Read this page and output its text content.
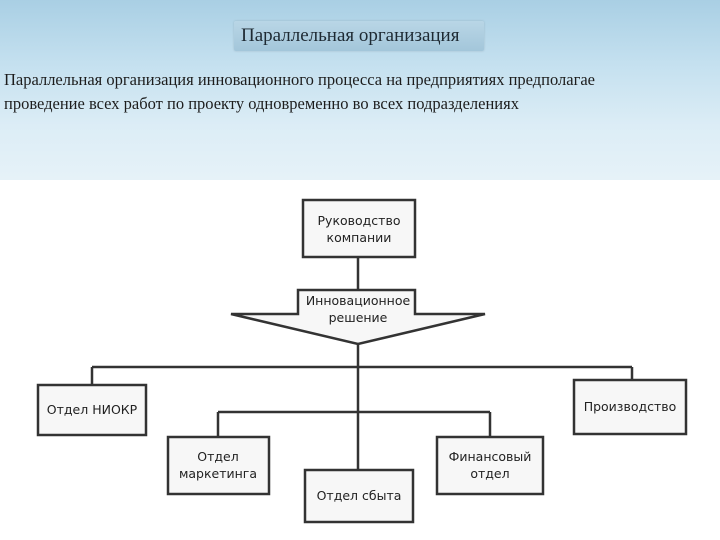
Параллельная организация
Параллельная организация инновационного процесса на предприятиях предполагае
проведение всех работ по проекту одновременно во всех подразделениях
Руководство
компании
Инновационное
решение
Отдел НИОКР	Производство
Отдел
маркетинга
Финансовый
отдел
Отдел сбыта
